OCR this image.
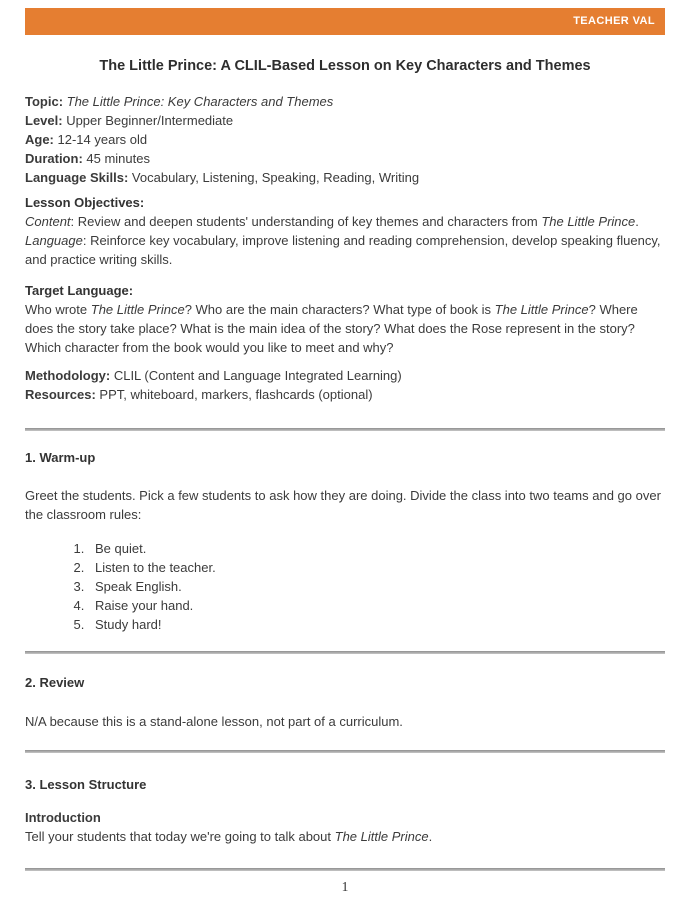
TEACHER VAL
The Little Prince: A CLIL-Based Lesson on Key Characters and Themes

Topic: The Little Prince: Key Characters and Themes

Level: Upper Beginner/Intermediate

Age: 12-14 years old

Duration: 45 minutes

Language Skills: Vocabulary, Listening, Speaking, Reading, Writing

Lesson Objectives:

Content: Review and deepen students' understanding of key themes and characters from The Little Prince.

Language: Reinforce key vocabulary, improve listening and reading comprehension, develop speaking fluency, and practice writing skills.

Target Language:

Who wrote The Little Prince? Who are the main characters? What type of book is The Little Prince? Where does the story take place? What is the main idea of the story? What does the Rose represent in the story? Which character from the book would you like to meet and why?

Methodology: CLIL (Content and Language Integrated Learning)

Resources: PPT, whiteboard, markers, flashcards (optional)

1. Warm-up

Greet the students. Pick a few students to ask how they are doing. Divide the class into two teams and go over the classroom rules:

1. Be quiet.
2. Listen to the teacher.
3. Speak English.
4. Raise your hand.
5. Study hard!

2. Review

N/A because this is a stand-alone lesson, not part of a curriculum.

3. Lesson Structure

Introduction

Tell your students that today we're going to talk about The Little Prince.

1
